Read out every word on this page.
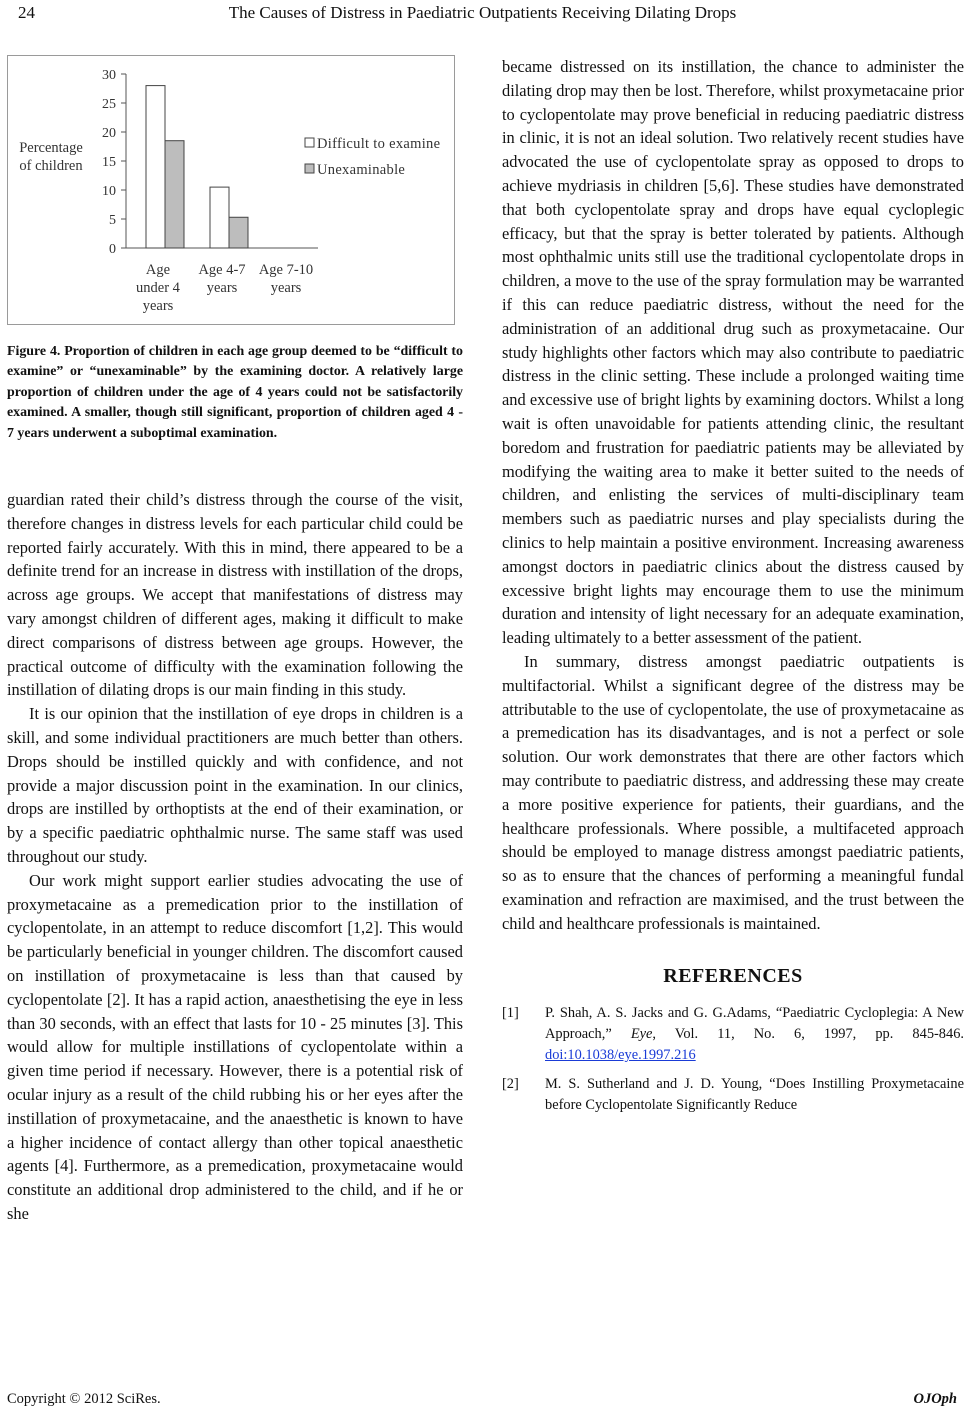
24	The Causes of Distress in Paediatric Outpatients Receiving Dilating Drops
0
5
10
15
20
25
30
Percentage
of children
Age
under 4
years
Age 4-7
years
Age 7-10
years
Difficult to examine
Unexaminable
Figure 4. Proportion of children in each age group deemed to be “difficult to examine” or “unexaminable” by the examining doctor. A relatively large proportion of children under the age of 4 years could not be satisfactorily examined. A smaller, though still significant, proportion of children aged 4 - 7 years underwent a suboptimal examination.

guardian rated their child’s distress through the course of the visit, therefore changes in distress levels for each particular child could be reported fairly accurately. With this in mind, there appeared to be a definite trend for an increase in distress with instillation of the drops, across age groups. We accept that manifestations of distress may vary amongst children of different ages, making it difficult to make direct comparisons of distress between age groups. However, the practical outcome of difficulty with the examination following the instillation of dilating drops is our main finding in this study.

It is our opinion that the instillation of eye drops in children is a skill, and some individual practitioners are much better than others. Drops should be instilled quickly and with confidence, and not provide a major discussion point in the examination. In our clinics, drops are instilled by orthoptists at the end of their examination, or by a specific paediatric ophthalmic nurse. The same staff was used throughout our study.

Our work might support earlier studies advocating the use of proxymetacaine as a premedication prior to the instillation of cyclopentolate, in an attempt to reduce discomfort [1,2]. This would be particularly beneficial in younger children. The discomfort caused on instillation of proxymetacaine is less than that caused by cyclopentolate [2]. It has a rapid action, anaesthetising the eye in less than 30 seconds, with an effect that lasts for 10 - 25 minutes [3]. This would allow for multiple instillations of cyclopentolate within a given time period if necessary. However, there is a potential risk of ocular injury as a result of the child rubbing his or her eyes after the instillation of proxymetacaine, and the anaesthetic is known to have a higher incidence of contact allergy than other topical anaesthetic agents [4]. Furthermore, as a premedication, proxymetacaine would constitute an additional drop administered to the child, and if he or she

became distressed on its instillation, the chance to administer the dilating drop may then be lost. Therefore, whilst proxymetacaine prior to cyclopentolate may prove beneficial in reducing paediatric distress in clinic, it is not an ideal solution. Two relatively recent studies have advocated the use of cyclopentolate spray as opposed to drops to achieve mydriasis in children [5,6]. These studies have demonstrated that both cyclopentolate spray and drops have equal cycloplegic efficacy, but that the spray is better tolerated by patients. Although most ophthalmic units still use the traditional cyclopentolate drops in children, a move to the use of the spray formulation may be warranted if this can reduce paediatric distress, without the need for the administration of an additional drug such as proxymetacaine. Our study highlights other factors which may also contribute to paediatric distress in the clinic setting. These include a prolonged waiting time and excessive use of bright lights by examining doctors. Whilst a long wait is often unavoidable for patients attending clinic, the resultant boredom and frustration for paediatric patients may be alleviated by modifying the waiting area to make it better suited to the needs of children, and enlisting the services of multi-disciplinary team members such as paediatric nurses and play specialists during the clinics to help maintain a positive environment. Increasing awareness amongst doctors in paediatric clinics about the distress caused by excessive bright lights may encourage them to use the minimum duration and intensity of light necessary for an adequate examination, leading ultimately to a better assessment of the patient.

In summary, distress amongst paediatric outpatients is multifactorial. Whilst a significant degree of the distress may be attributable to the use of cyclopentolate, the use of proxymetacaine as a premedication has its disadvantages, and is not a perfect or sole solution. Our work demonstrates that there are other factors which may contribute to paediatric distress, and addressing these may create a more positive experience for patients, their guardians, and the healthcare professionals. Where possible, a multifaceted approach should be employed to manage distress amongst paediatric patients, so as to ensure that the chances of performing a meaningful fundal examination and refraction are maximised, and the trust between the child and healthcare professionals is maintained.

REFERENCES
[1] P. Shah, A. S. Jacks and G. G.Adams, “Paediatric Cycloplegia: A New Approach,” Eye, Vol. 11, No. 6, 1997, pp. 845-846. doi:10.1038/eye.1997.216
[2] M. S. Sutherland and J. D. Young, “Does Instilling Proxymetacaine before Cyclopentolate Significantly Reduce
Copyright © 2012 SciRes.	OJOph
